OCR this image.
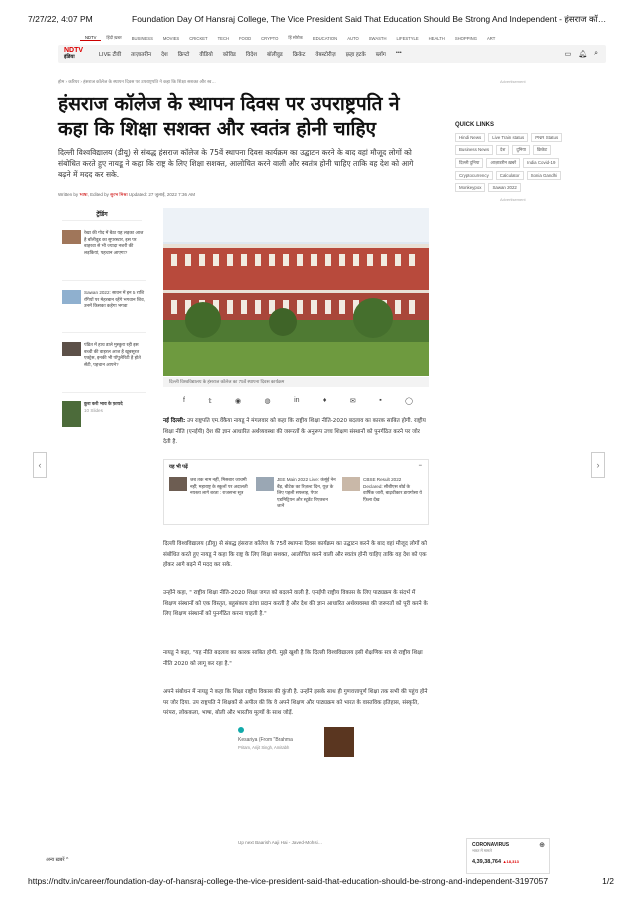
7/27/22, 4:07 PM	Foundation Day Of Hansraj College, The Vice President Said That Education Should Be Strong And Independent - हंसराज कॉ…
https://ndtv.in/career/foundation-day-of-hansraj-college-the-vice-president-said-that-education-should-be-strong-and-independent-3197057	1/2
NDTV	हिंदी ख़बर	BUSINESS	MOVIES	CRICKET	TECH	FOOD	CRYPTO	हिं सोरोक	EDUCATION	AUTO	SWASTH	LIFESTYLE	HEALTH	SHOPPING	ART
NDTV
इंडिया	LIVE टीवी	ताज़ातरीन	देश	क्रिप्टो	वीडियो	कोविड	विदेश	बॉलीवुड	क्रिकेट	वेबस्टोरीज़	फ़्रहा हटके	ब्लॉग	•••	▭ 🔔︎ ⌕
होम › करियर › हंसराज कॉलेज के स्थापन दिवस पर उपराष्ट्रपति ने कहा कि शिक्षा सशक्त और स्व…	Advertisement
हंसराज कॉलेज के स्थापन दिवस पर उपराष्ट्रपति ने कहा कि शिक्षा सशक्त और स्वतंत्र होनी चाहिए

दिल्ली विश्वविद्यालय (डीयू) से संबद्ध हंसराज कॉलेज के 75वें स्थापना दिवस कार्यक्रम का उद्घाटन करने के बाद वहां मौजूद लोगों को संबोधित करते हुए नायडू ने कहा कि राष्ट्र के लिए शिक्षा सशक्त, आलोचित करने वाली और स्वतंत्र होनी चाहिए ताकि वह देश को आगे बढ़ने में मदद कर सके.

Written by भाषा, Edited by सुरभ मिश्रा Updated: 27 जुलाई, 2022 7:36 AM
ट्रेंडिंग
रेखा की गोद में बैठा यह लड़का आज है बॉलीवुड का सुपरस्टार, इस पर बाहरवा से भी ज्यादा नशरी की लड़कियां, पहचान आएगा?
Sawan 2022: सावन में इन 5 राशि रंगियों पर मेहरबान रहेंगे भगवान शिव, उनमें किसका कहेगा भगवा
पंडित में हाथ डाले मुस्कुरा रही इस बच्ची की वाइरल आज है खूबसूरत एक्ट्रेस, इनकी भी पॉपुलैरिटी है होते सेंटी, पहचान आपने?
क़ुरा करी भाव के फ़ायदे
10 Slides
दिल्ली विश्वविद्यालय के हंसराज कॉलेज का 75वें स्थापना दिवस कार्यक्रम
f	𝕥	◉	◍	in	♦	✉	▪	◯

नई दिल्ली: उप राष्ट्रपति एम.वेंकैया नायडू ने मंगलवार को कहा कि राष्ट्रीय शिक्षा नीति-2020 बदलाव का कारक साबित होगी. राष्ट्रीय शिक्षा नीति (एनईपी) देश की ज्ञान आधारित अर्थव्यवस्था की जरूरतों के अनुरूप उच्च शिक्षण संस्थानों को पुनर्गठित करने पर जोर देती है.

यह भी पढ़ें	−
जब तक नाम नहीं, मिसबार जाचमी नहीं; महाराष्ट्र के स्कूलों पर अदालती नयस्ता लागे बरता : राजसभा सूत्र
JEE Main 2022 Live: कंसूंई नेन बैंड़, बीटेक का रिज़ल्ट दिन, यूज़ के लिए पहली सफ्लाह, पेपर एडमिट्रियन और स्टूडेंट रिएक्शन जानें
CBSE Result 2022 Declared: सीबीएस बोर्ड के वार्षिक जारी, बाढ़वीकार डायगोसा ये फ़िला देंख

दिल्ली विश्वविद्यालय (डीयू) से संबद्ध हंसराज कॉलेज के 75वें स्थापना दिवस कार्यक्रम का उद्घाटन करने के बाद वहां मौजूद लोगों को संबोधित करते हुए नायडू ने कहा कि राष्ट्र के लिए शिक्षा सशक्त, आलोचित करने वाली और स्वतंत्र होनी चाहिए ताकि वह देश को एक होकर आगे बढ़ने में मदद कर सके.

उन्होंने कहा, " राष्ट्रीय शिक्षा नीति-2020 शिक्षा जगत को बदलने वाली है. एनईपी राष्ट्रीय विकास के लिए पाठ्यक्रम के संदर्भ में शिक्षण संस्थानों को एक विस्तृत, बहुसंकाय ढांचा प्रदान करती है और देश की ज्ञान आधारित अर्थव्यवस्था की जरूरतों को पूरी करने के लिए शिक्षण संस्थानों को पुनर्गठित करना चाहती है."

नायडू ने कहा, "यह नीति बदलाव का कारक साबित होगी. मुझे खुशी है कि दिल्ली विश्वविद्यालय इसी शैक्षणिक सत्र से राष्ट्रीय शिक्षा नीति 2020 को लागू कर रहा है."

अपने संबोधन में नायडू ने कहा कि शिक्षा राष्ट्रीय विकास की कुंजी है. उन्होंने इसके साथ ही गुणवत्तापूर्ण शिक्षा तक सभी की पहुंच होने पर जोर दिया. उप राष्ट्रपति ने शिक्षकों से अपील की कि वे अपने शिक्षण और पाठ्यक्रम को भारत के वास्तविक इतिहास, संस्कृति, परंपरा, लोककला, भाषा, बोली और भारतीय मूल्यों के साथ जोड़ें.

Kesariya (From "Brahma
Pritam, Arijit Singh, Amitabh
Up next Baarish Aaji Hai - Javed-Mohsi…
अन्य ख़बरें ^
QUICK LINKS
Hindi News	Live Train status	PNR Status
Business News	देश	दुनिया	क्रिकेट
दिल्ली दुनिया	आज़ाडरीन ख़बरें	India Covid-19
Cryptocurrency	Calculator	Sonia Gandhi
Monkeypox	Sawan 2022
Advertisement
‹	›
CORONAVIRUS
भारत में मामले
4,39,38,764 ▲18,313
⊕
